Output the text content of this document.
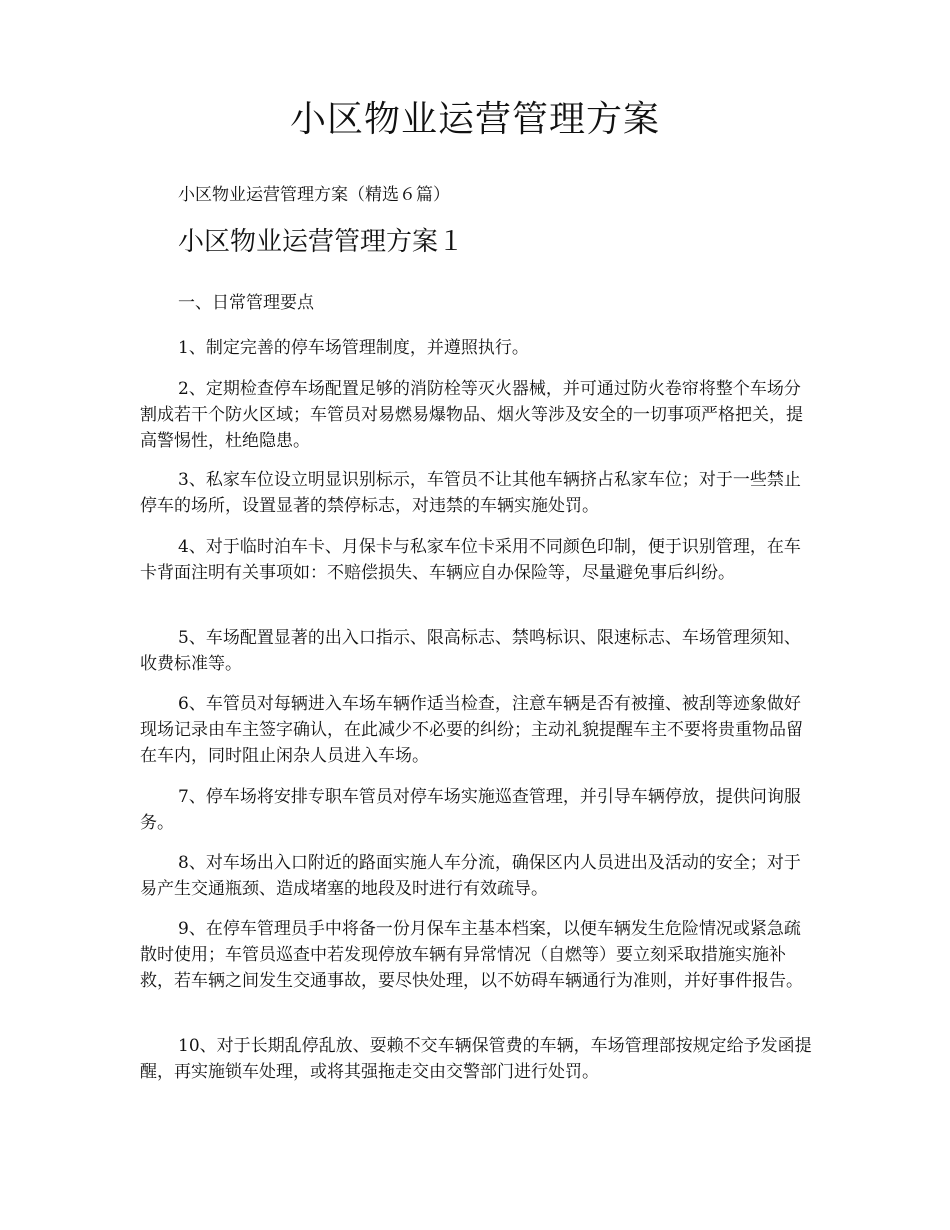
小区物业运营管理方案

小区物业运营管理方案（精选６篇）

小区物业运营管理方案１

一、日常管理要点

1、制定完善的停车场管理制度，并遵照执行。

2、定期检查停车场配置足够的消防栓等灭火器械，并可通过防火卷帘将整个车场分割成若干个防火区域；车管员对易燃易爆物品、烟火等涉及安全的一切事项严格把关，提高警惕性，杜绝隐患。

3、私家车位设立明显识别标示，车管员不让其他车辆挤占私家车位；对于一些禁止停车的场所，设置显著的禁停标志，对违禁的车辆实施处罚。

4、对于临时泊车卡、月保卡与私家车位卡采用不同颜色印制，便于识别管理，在车卡背面注明有关事项如：不赔偿损失、车辆应自办保险等，尽量避免事后纠纷。

5、车场配置显著的出入口指示、限高标志、禁鸣标识、限速标志、车场管理须知、收费标准等。

6、车管员对每辆进入车场车辆作适当检查，注意车辆是否有被撞、被刮等迹象做好现场记录由车主签字确认，在此减少不必要的纠纷；主动礼貌提醒车主不要将贵重物品留在车内，同时阻止闲杂人员进入车场。

7、停车场将安排专职车管员对停车场实施巡查管理，并引导车辆停放，提供问询服务。

8、对车场出入口附近的路面实施人车分流，确保区内人员进出及活动的安全；对于易产生交通瓶颈、造成堵塞的地段及时进行有效疏导。

9、在停车管理员手中将备一份月保车主基本档案，以便车辆发生危险情况或紧急疏散时使用；车管员巡查中若发现停放车辆有异常情况（自燃等）要立刻采取措施实施补救，若车辆之间发生交通事故，要尽快处理，以不妨碍车辆通行为准则，并好事件报告。

10、对于长期乱停乱放、耍赖不交车辆保管费的车辆，车场管理部按规定给予发函提醒，再实施锁车处理，或将其强拖走交由交警部门进行处罚。
